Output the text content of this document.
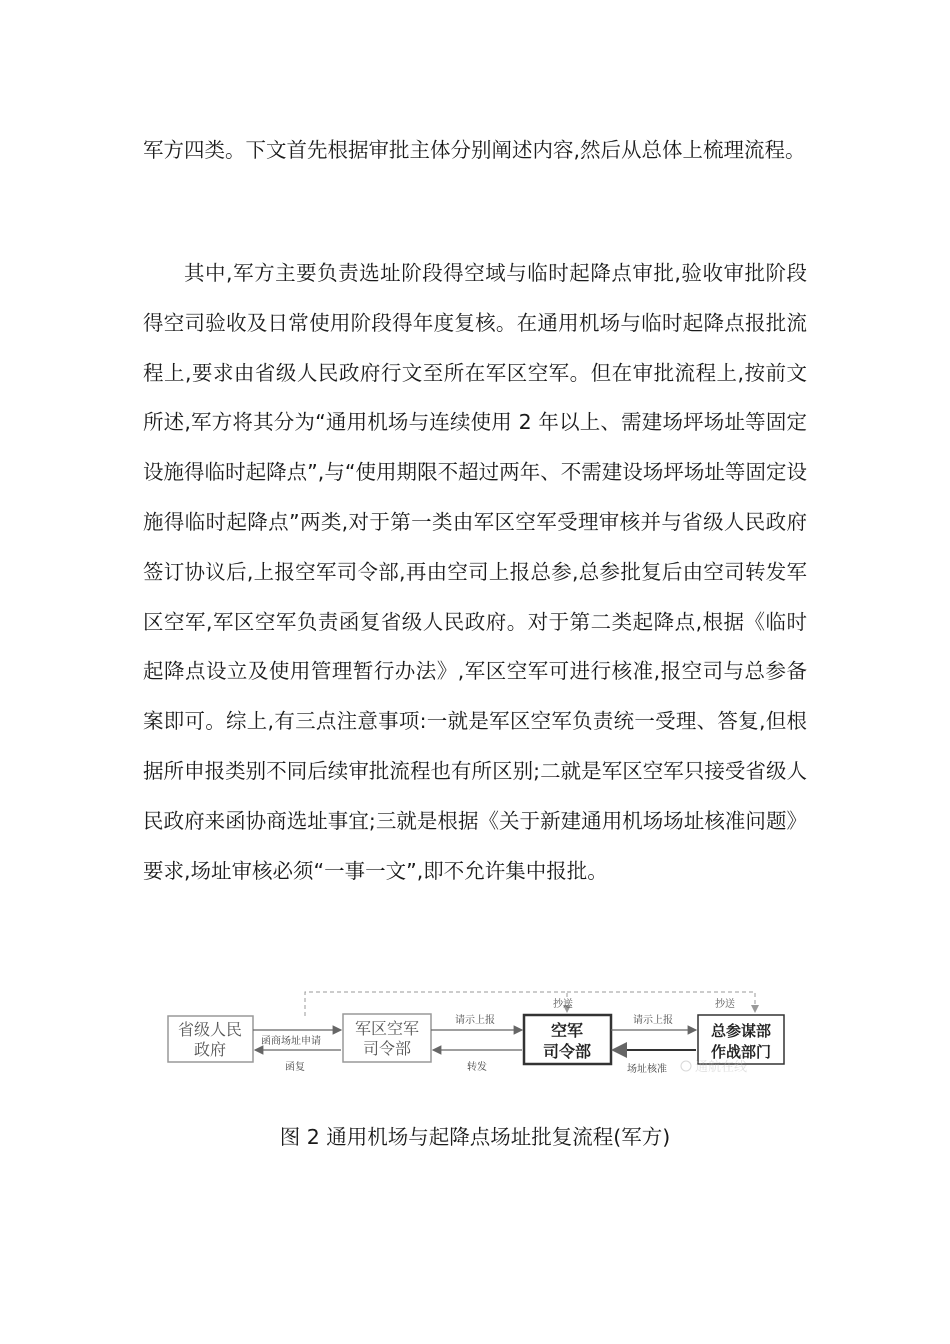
军方四类。下文首先根据审批主体分别阐述内容,然后从总体上梳理流程。

其中,军方主要负责选址阶段得空域与临时起降点审批,验收审批阶段得空司验收及日常使用阶段得年度复核。在通用机场与临时起降点报批流程上,要求由省级人民政府行文至所在军区空军。但在审批流程上,按前文所述,军方将其分为“通用机场与连续使用 2 年以上、需建场坪场址等固定设施得临时起降点”,与“使用期限不超过两年、不需建设场坪场址等固定设施得临时起降点”两类,对于第一类由军区空军受理审核并与省级人民政府签订协议后,上报空军司令部,再由空司上报总参,总参批复后由空司转发军区空军,军区空军负责函复省级人民政府。对于第二类起降点,根据《临时起降点设立及使用管理暂行办法》,军区空军可进行核准,报空司与总参备案即可。综上,有三点注意事项:一就是军区空军负责统一受理、答复,但根据所申报类别不同后续审批流程也有所区别;二就是军区空军只接受省级人民政府来函协商选址事宜;三就是根据《关于新建通用机场场址核准问题》要求,场址审核必须“一事一文”,即不允许集中报批。

抄送	抄送
省级人民
政府
军区空军
司令部
空军
司令部
总参谋部
作战部门
函商场址申请
函复
请示上报
转发
请示上报
场址核准 通航在线
图 2 通用机场与起降点场址批复流程(军方)
